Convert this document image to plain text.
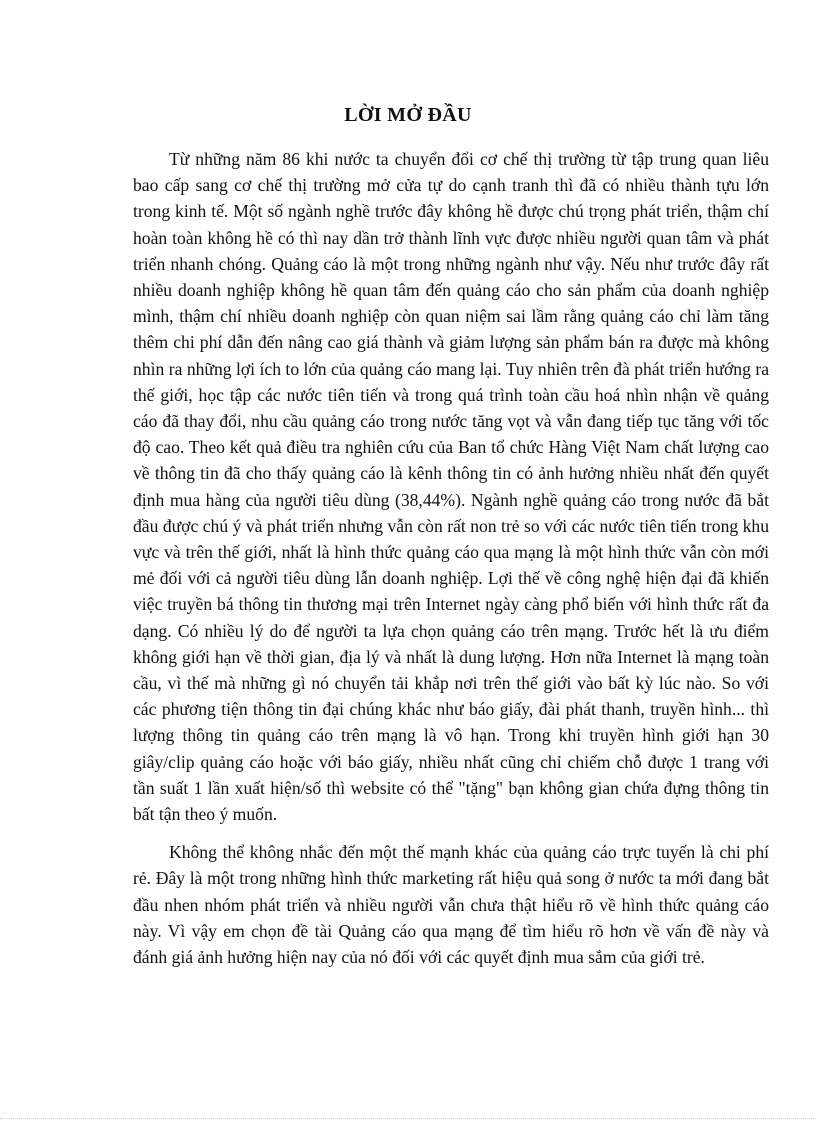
LỜI MỞ ĐẦU

Từ những năm 86 khi nước ta chuyển đổi cơ chế thị trường từ tập trung quan liêu bao cấp sang cơ chế thị trường mở cửa tự do cạnh tranh thì đã có nhiều thành tựu lớn trong kinh tế. Một số ngành nghề trước đây không hề được chú trọng phát triển, thậm chí hoàn toàn không hề có thì nay dần trở thành lĩnh vực được nhiều người quan tâm và phát triển nhanh chóng. Quảng cáo là một trong những ngành như vậy. Nếu như trước đây rất nhiều doanh nghiệp không hề quan tâm đến quảng cáo cho sản phẩm của doanh nghiệp mình, thậm chí nhiều doanh nghiệp còn quan niệm sai lầm rằng quảng cáo chỉ làm tăng thêm chi phí dẫn đến nâng cao giá thành và giảm lượng sản phẩm bán ra được mà không nhìn ra những lợi ích to lớn của quảng cáo mang lại. Tuy nhiên trên đà phát triển hướng ra thế giới, học tập các nước tiên tiến và trong quá trình toàn cầu hoá nhìn nhận về quảng cáo đã thay đổi, nhu cầu quảng cáo trong nước tăng vọt và vẫn đang tiếp tục tăng với tốc độ cao. Theo kết quả điều tra nghiên cứu của Ban tổ chức Hàng Việt Nam chất lượng cao về thông tin đã cho thấy quảng cáo là kênh thông tin có ảnh hưởng nhiều nhất đến quyết định mua hàng của người tiêu dùng (38,44%). Ngành nghề quảng cáo trong nước đã bắt đầu được chú ý và phát triển nhưng vẫn còn rất non trẻ so với các nước tiên tiến trong khu vực và trên thế giới, nhất là hình thức quảng cáo qua mạng là một hình thức vẫn còn mới mẻ đối với cả người tiêu dùng lẫn doanh nghiệp. Lợi thế về công nghệ hiện đại đã khiến việc truyền bá thông tin thương mại trên Internet ngày càng phổ biến với hình thức rất đa dạng. Có nhiều lý do để người ta lựa chọn quảng cáo trên mạng. Trước hết là ưu điểm không giới hạn về thời gian, địa lý và nhất là dung lượng. Hơn nữa Internet là mạng toàn cầu, vì thế mà những gì nó chuyển tải khắp nơi trên thế giới vào bất kỳ lúc nào. So với các phương tiện thông tin đại chúng khác như báo giấy, đài phát thanh, truyền hình... thì lượng thông tin quảng cáo trên mạng là vô hạn. Trong khi truyền hình giới hạn 30 giây/clip quảng cáo hoặc với báo giấy, nhiều nhất cũng chỉ chiếm chỗ được 1 trang với tần suất 1 lần xuất hiện/số thì website có thể "tặng" bạn không gian chứa đựng thông tin bất tận theo ý muốn.

Không thể không nhắc đến một thế mạnh khác của quảng cáo trực tuyến là chi phí rẻ. Đây là một trong những hình thức marketing rất hiệu quả song ở nước ta mới đang bắt đầu nhen nhóm phát triển và nhiều người vẫn chưa thật hiểu rõ về hình thức quảng cáo này. Vì vậy em chọn đề tài Quảng cáo qua mạng để tìm hiểu rõ hơn về vấn đề này và đánh giá ảnh hưởng hiện nay của nó đối với các quyết định mua sắm của giới trẻ.
